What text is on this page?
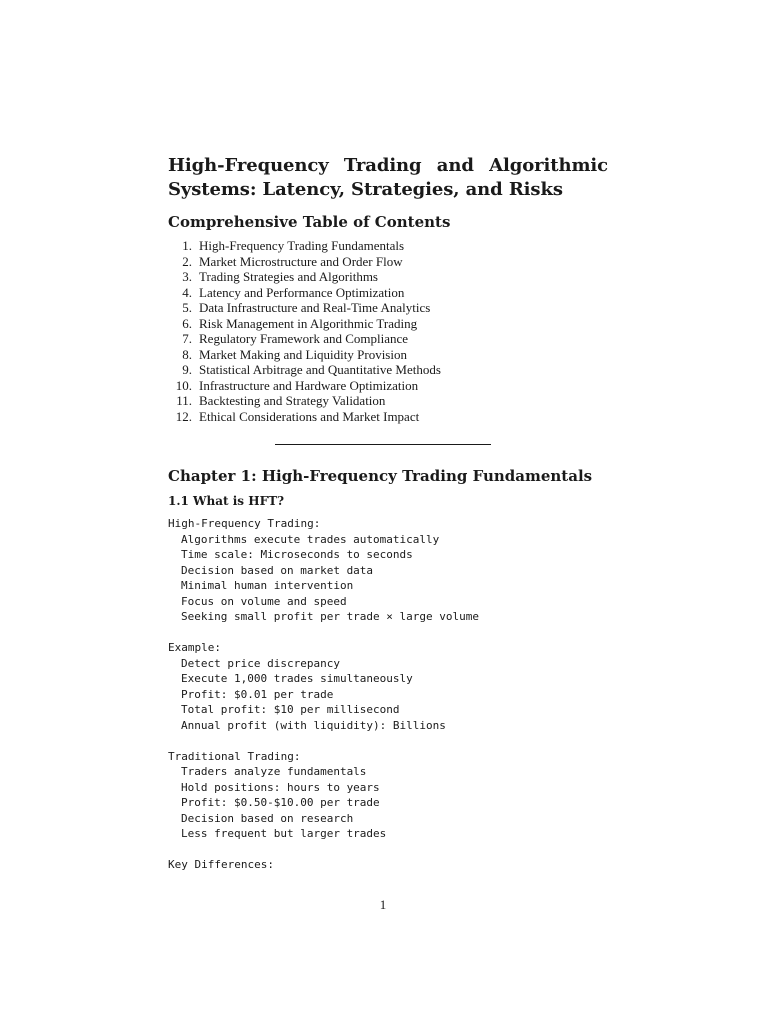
High-Frequency Trading and Algorithmic Systems: Latency, Strategies, and Risks
Comprehensive Table of Contents
1. High-Frequency Trading Fundamentals
2. Market Microstructure and Order Flow
3. Trading Strategies and Algorithms
4. Latency and Performance Optimization
5. Data Infrastructure and Real-Time Analytics
6. Risk Management in Algorithmic Trading
7. Regulatory Framework and Compliance
8. Market Making and Liquidity Provision
9. Statistical Arbitrage and Quantitative Methods
10. Infrastructure and Hardware Optimization
11. Backtesting and Strategy Validation
12. Ethical Considerations and Market Impact
Chapter 1: High-Frequency Trading Fundamentals
1.1 What is HFT?
High-Frequency Trading:
Algorithms execute trades automatically
Time scale: Microseconds to seconds
Decision based on market data
Minimal human intervention
Focus on volume and speed
Seeking small profit per trade × large volume
Example:
Detect price discrepancy
Execute 1,000 trades simultaneously
Profit: $0.01 per trade
Total profit: $10 per millisecond
Annual profit (with liquidity): Billions
Traditional Trading:
Traders analyze fundamentals
Hold positions: hours to years
Profit: $0.50-$10.00 per trade
Decision based on research
Less frequent but larger trades
Key Differences:
1
